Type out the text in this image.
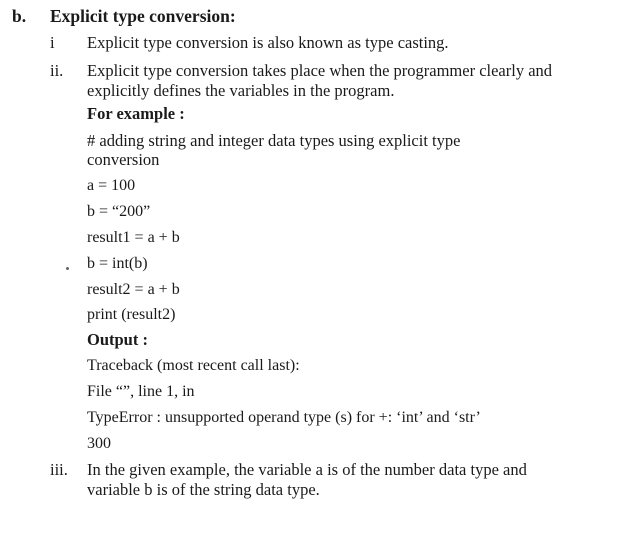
b. Explicit type conversion:
i	Explicit type conversion is also known as type casting.
ii.	Explicit type conversion takes place when the programmer clearly and explicitly defines the variables in the program.
For example :
# adding string and integer data types using explicit type
conversion
a = 100
b = “200”
result1 = a + b
b = int(b)
result2 = a + b
print (result2)
Output :
Traceback (most recent call last):
File “”, line 1, in
TypeError : unsupported operand type (s) for +: ‘int’ and ‘str’
300
iii.	In the given example, the variable a is of the number data type and variable b is of the string data type.
